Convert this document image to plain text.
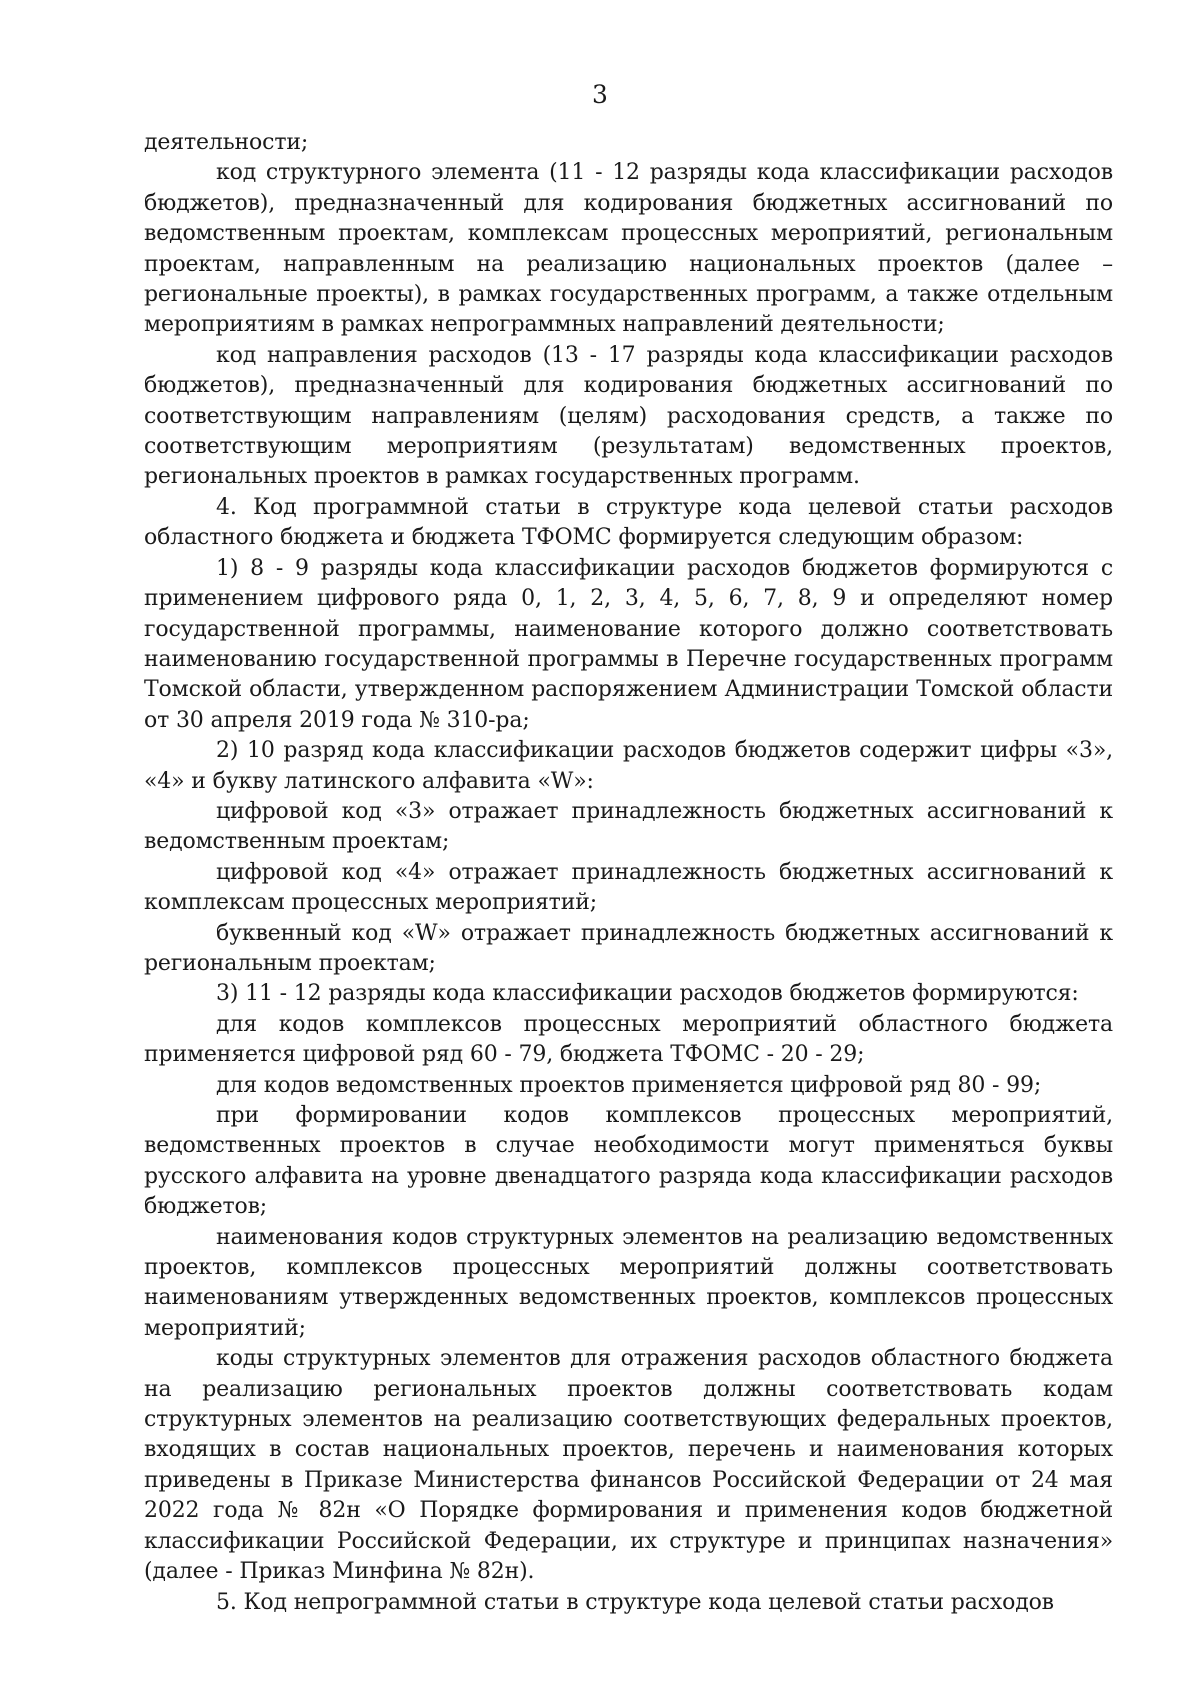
3

деятельности;

код структурного элемента (11 - 12 разряды кода классификации расходов бюджетов), предназначенный для кодирования бюджетных ассигнований по ведомственным проектам, комплексам процессных мероприятий, региональным проектам, направленным на реализацию национальных проектов (далее – региональные проекты), в рамках государственных программ, а также отдельным мероприятиям в рамках непрограммных направлений деятельности;

код направления расходов (13 - 17 разряды кода классификации расходов бюджетов), предназначенный для кодирования бюджетных ассигнований по соответствующим направлениям (целям) расходования средств, а также по соответствующим мероприятиям (результатам) ведомственных проектов, региональных проектов в рамках государственных программ.

4. Код программной статьи в структуре кода целевой статьи расходов областного бюджета и бюджета ТФОМС формируется следующим образом:

1) 8 - 9 разряды кода классификации расходов бюджетов формируются с применением цифрового ряда 0, 1, 2, 3, 4, 5, 6, 7, 8, 9 и определяют номер государственной программы, наименование которого должно соответствовать наименованию государственной программы в Перечне государственных программ Томской области, утвержденном распоряжением Администрации Томской области от 30 апреля 2019 года № 310-ра;

2) 10 разряд кода классификации расходов бюджетов содержит цифры «3», «4» и букву латинского алфавита «W»:

цифровой код «3» отражает принадлежность бюджетных ассигнований к ведомственным проектам;

цифровой код «4» отражает принадлежность бюджетных ассигнований к комплексам процессных мероприятий;

буквенный код «W» отражает принадлежность бюджетных ассигнований к региональным проектам;

3) 11 - 12 разряды кода классификации расходов бюджетов формируются:

для кодов комплексов процессных мероприятий областного бюджета применяется цифровой ряд 60 - 79, бюджета ТФОМС - 20 - 29;

для кодов ведомственных проектов применяется цифровой ряд 80 - 99;

при формировании кодов комплексов процессных мероприятий, ведомственных проектов в случае необходимости могут применяться буквы русского алфавита на уровне двенадцатого разряда кода классификации расходов бюджетов;

наименования кодов структурных элементов на реализацию ведомственных проектов, комплексов процессных мероприятий должны соответствовать наименованиям утвержденных ведомственных проектов, комплексов процессных мероприятий;

коды структурных элементов для отражения расходов областного бюджета на реализацию региональных проектов должны соответствовать кодам структурных элементов на реализацию соответствующих федеральных проектов, входящих в состав национальных проектов, перечень и наименования которых приведены в Приказе Министерства финансов Российской Федерации от 24 мая 2022 года № 82н «О Порядке формирования и применения кодов бюджетной классификации Российской Федерации, их структуре и принципах назначения» (далее - Приказ Минфина № 82н).

5. Код непрограммной статьи в структуре кода целевой статьи расходов
